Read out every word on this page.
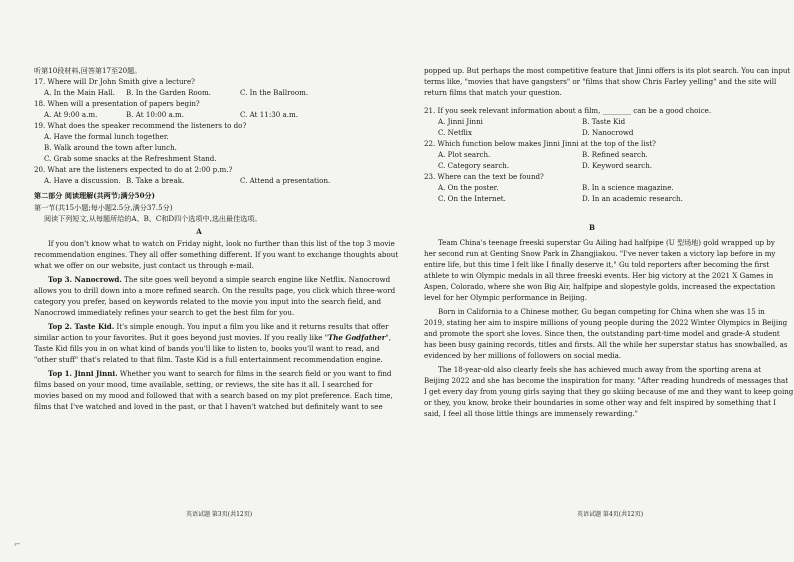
听第10段材料,回答第17至20题。
17. Where will Dr John Smith give a lecture?
A. In the Main Hall.	B. In the Garden Room.	C. In the Ballroom.
18. When will a presentation of papers begin?
A. At 9:00 a.m.	B. At 10:00 a.m.	C. At 11:30 a.m.
19. What does the speaker recommend the listeners to do?
A. Have the formal lunch together.
B. Walk around the town after lunch.
C. Grab some snacks at the Refreshment Stand.
20. What are the listeners expected to do at 2:00 p.m.?
A. Have a discussion. B. Take a break.	C. Attend a presentation.
第二部分 阅读理解(共两节;满分50分)
第一节(共15小题;每小题2.5分,满分37.5分)
阅读下列短文,从每题所给的A、B、C和D四个选项中,选出最佳选项。
A
If you don't know what to watch on Friday night, look no further than this list of the top 3 movie
recommendation engines. They all offer something different. If you want to exchange thoughts about
what we offer on our website, just contact us through e-mail.
Top 3. Nanocrowd. The site goes well beyond a simple search engine like Netflix. Nanocrowd
allows you to drill down into a more refined search. On the results page, you click which three-word
category you prefer, based on keywords related to the movie you input into the search field, and
Nanocrowd immediately refines your search to get the best film for you.
Top 2. Taste Kid. It's simple enough. You input a film you like and it returns results that offer
similar action to your favorites. But it goes beyond just movies. If you really like "The Godfather",
Taste Kid fills you in on what kind of bands you'll like to listen to, books you'll want to read, and
"other stuff" that's related to that film. Taste Kid is a full entertainment recommendation engine.
Top 1. Jinni Jinni. Whether you want to search for films in the search field or you want to find
films based on your mood, time available, setting, or reviews, the site has it all. I searched for
movies based on my mood and followed that with a search based on my plot preference. Each time,
films that I've watched and loved in the past, or that I haven't watched but definitely want to see
popped up. But perhaps the most competitive feature that Jinni offers is its plot search. You can input
terms like, "movies that have gangsters" or "films that show Chris Farley yelling" and the site will
return films that match your question.
21. If you seek relevant information about a film, ________ can be a good choice.
A. Jinni Jinni	B. Taste Kid
C. Netflix	D. Nanocrowd
22. Which function below makes Jinni Jinni at the top of the list?
A. Plot search.	B. Refined search.
C. Category search.	D. Keyword search.
23. Where can the text be found?
A. On the poster.	B. In a science magazine.
C. On the Internet.	D. In an academic research.
B
Team China's teenage freeski superstar Gu Ailing had halfpipe (U 型场地) gold wrapped up by
her second run at Genting Snow Park in Zhangjiakou. "I've never taken a victory lap before in my
entire life, but this time I felt like I finally deserve it," Gu told reporters after becoming the first
athlete to win Olympic medals in all three freeski events. Her big victory at the 2021 X Games in
Aspen, Colorado, where she won Big Air, halfpipe and slopestyle golds, increased the expectation
level for her Olympic performance in Beijing.
Born in California to a Chinese mother, Gu began competing for China when she was 15 in
2019, stating her aim to inspire millions of young people during the 2022 Winter Olympics in Beijing
and promote the sport she loves. Since then, the outstanding part-time model and grade-A student
has been busy gaining records, titles and firsts. All the while her superstar status has snowballed, as
evidenced by her millions of followers on social media.
The 18-year-old also clearly feels she has achieved much away from the sporting arena at
Beijing 2022 and she has become the inspiration for many. "After reading hundreds of messages that
I get every day from young girls saying that they go skiing because of me and they want to keep going
or they, you know, broke their boundaries in some other way and felt inspired by something that I
said, I feel all those little things are immensely rewarding."
英语试题 第3页(共12页)	英语试题 第4页(共12页)
⌐
